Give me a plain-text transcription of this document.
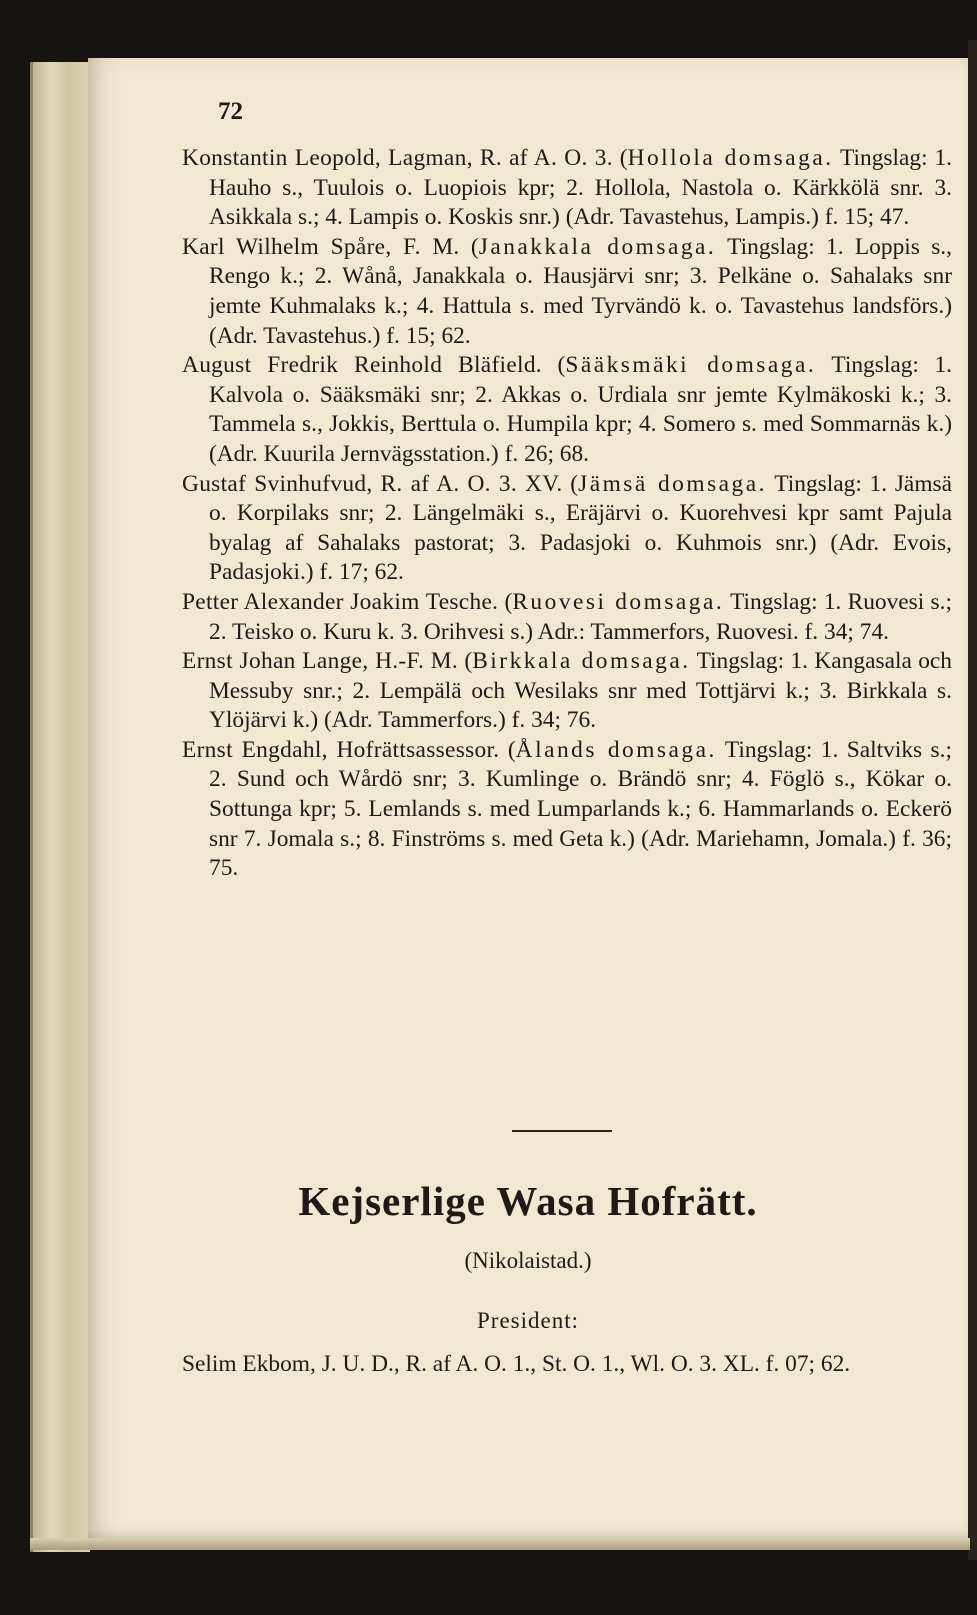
72

Konstantin Leopold, Lagman, R. af A. O. 3. (Hollola domsaga. Tingslag: 1. Hauho s., Tuulois o. Luopiois kpr; 2. Hollola, Nastola o. Kärkkölä snr. 3. Asikkala s.; 4. Lampis o. Koskis snr.) (Adr. Tavastehus, Lampis.) f. 15; 47.

Karl Wilhelm Spåre, F. M. (Janakkala domsaga. Tingslag: 1. Loppis s., Rengo k.; 2. Wånå, Janakkala o. Hausjärvi snr; 3. Pelkäne o. Sahalaks snr jemte Kuhmalaks k.; 4. Hattula s. med Tyrvändö k. o. Tavastehus landsförs.) (Adr. Tavastehus.) f. 15; 62.

August Fredrik Reinhold Bläfield. (Sääksmäki domsaga. Tingslag: 1. Kalvola o. Sääksmäki snr; 2. Akkas o. Urdiala snr jemte Kylmäkoski k.; 3. Tammela s., Jokkis, Berttula o. Humpila kpr; 4. Somero s. med Sommarnäs k.) (Adr. Kuurila Jernvägsstation.) f. 26; 68.

Gustaf Svinhufvud, R. af A. O. 3. XV. (Jämsä domsaga. Tingslag: 1. Jämsä o. Korpilaks snr; 2. Längelmäki s., Eräjärvi o. Kuorehvesi kpr samt Pajula byalag af Sahalaks pastorat; 3. Padasjoki o. Kuhmois snr.) (Adr. Evois, Padasjoki.) f. 17; 62.

Petter Alexander Joakim Tesche. (Ruovesi domsaga. Tingslag: 1. Ruovesi s.; 2. Teisko o. Kuru k. 3. Orihvesi s.) Adr.: Tammerfors, Ruovesi. f. 34; 74.

Ernst Johan Lange, H.-F. M. (Birkkala domsaga. Tingslag: 1. Kangasala och Messuby snr.; 2. Lempälä och Wesilaks snr med Tottjärvi k.; 3. Birkkala s. Ylöjärvi k.) (Adr. Tammerfors.) f. 34; 76.

Ernst Engdahl, Hofrättsassessor. (Ålands domsaga. Tingslag: 1. Saltviks s.; 2. Sund och Wårdö snr; 3. Kumlinge o. Brändö snr; 4. Föglö s., Kökar o. Sottunga kpr; 5. Lemlands s. med Lumparlands k.; 6. Hammarlands o. Eckerö snr 7. Jomala s.; 8. Finströms s. med Geta k.) (Adr. Mariehamn, Jomala.) f. 36; 75.

Kejserlige Wasa Hofrätt.
(Nikolaistad.)
President:
Selim Ekbom, J. U. D., R. af A. O. 1., St. O. 1., Wl. O. 3. XL. f. 07; 62.
